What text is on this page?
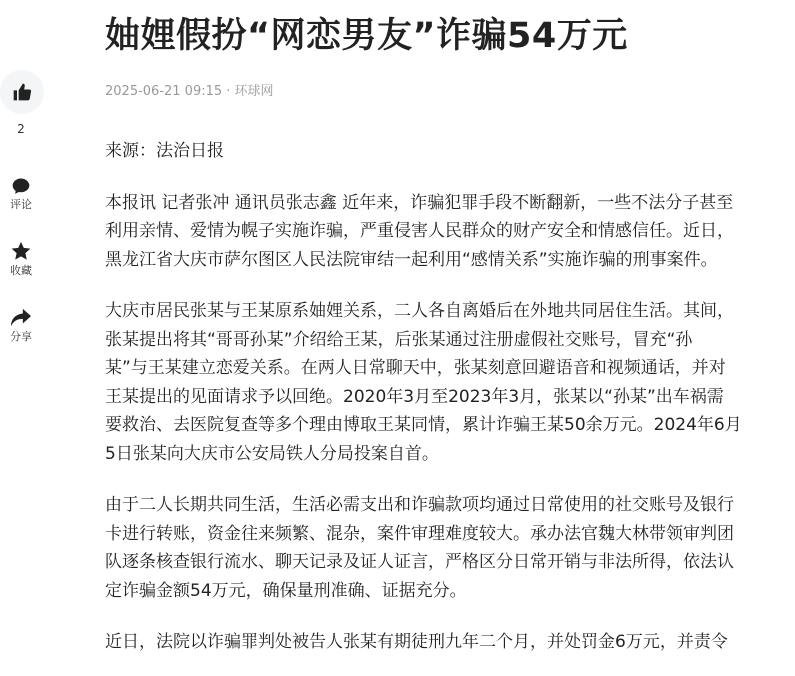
2
评论
收藏
分享
妯娌假扮“网恋男友”诈骗54万元
2025-06-21 09:15 · 环球网

来源：法治日报

本报讯 记者张冲 通讯员张志鑫 近年来，诈骗犯罪手段不断翻新，一些不法分子甚至
利用亲情、爱情为幌子实施诈骗，严重侵害人民群众的财产安全和情感信任。近日，
黑龙江省大庆市萨尔图区人民法院审结一起利用“感情关系”实施诈骗的刑事案件。

大庆市居民张某与王某原系妯娌关系，二人各自离婚后在外地共同居住生活。其间，
张某提出将其“哥哥孙某”介绍给王某，后张某通过注册虚假社交账号，冒充“孙
某”与王某建立恋爱关系。在两人日常聊天中，张某刻意回避语音和视频通话，并对
王某提出的见面请求予以回绝。2020年3月至2023年3月，张某以“孙某”出车祸需
要救治、去医院复查等多个理由博取王某同情，累计诈骗王某50余万元。2024年6月
5日张某向大庆市公安局铁人分局投案自首。

由于二人长期共同生活，生活必需支出和诈骗款项均通过日常使用的社交账号及银行
卡进行转账，资金往来频繁、混杂，案件审理难度较大。承办法官魏大林带领审判团
队逐条核查银行流水、聊天记录及证人证言，严格区分日常开销与非法所得，依法认
定诈骗金额54万元，确保量刑准确、证据充分。

近日，法院以诈骗罪判处被告人张某有期徒刑九年二个月，并处罚金6万元，并责令
